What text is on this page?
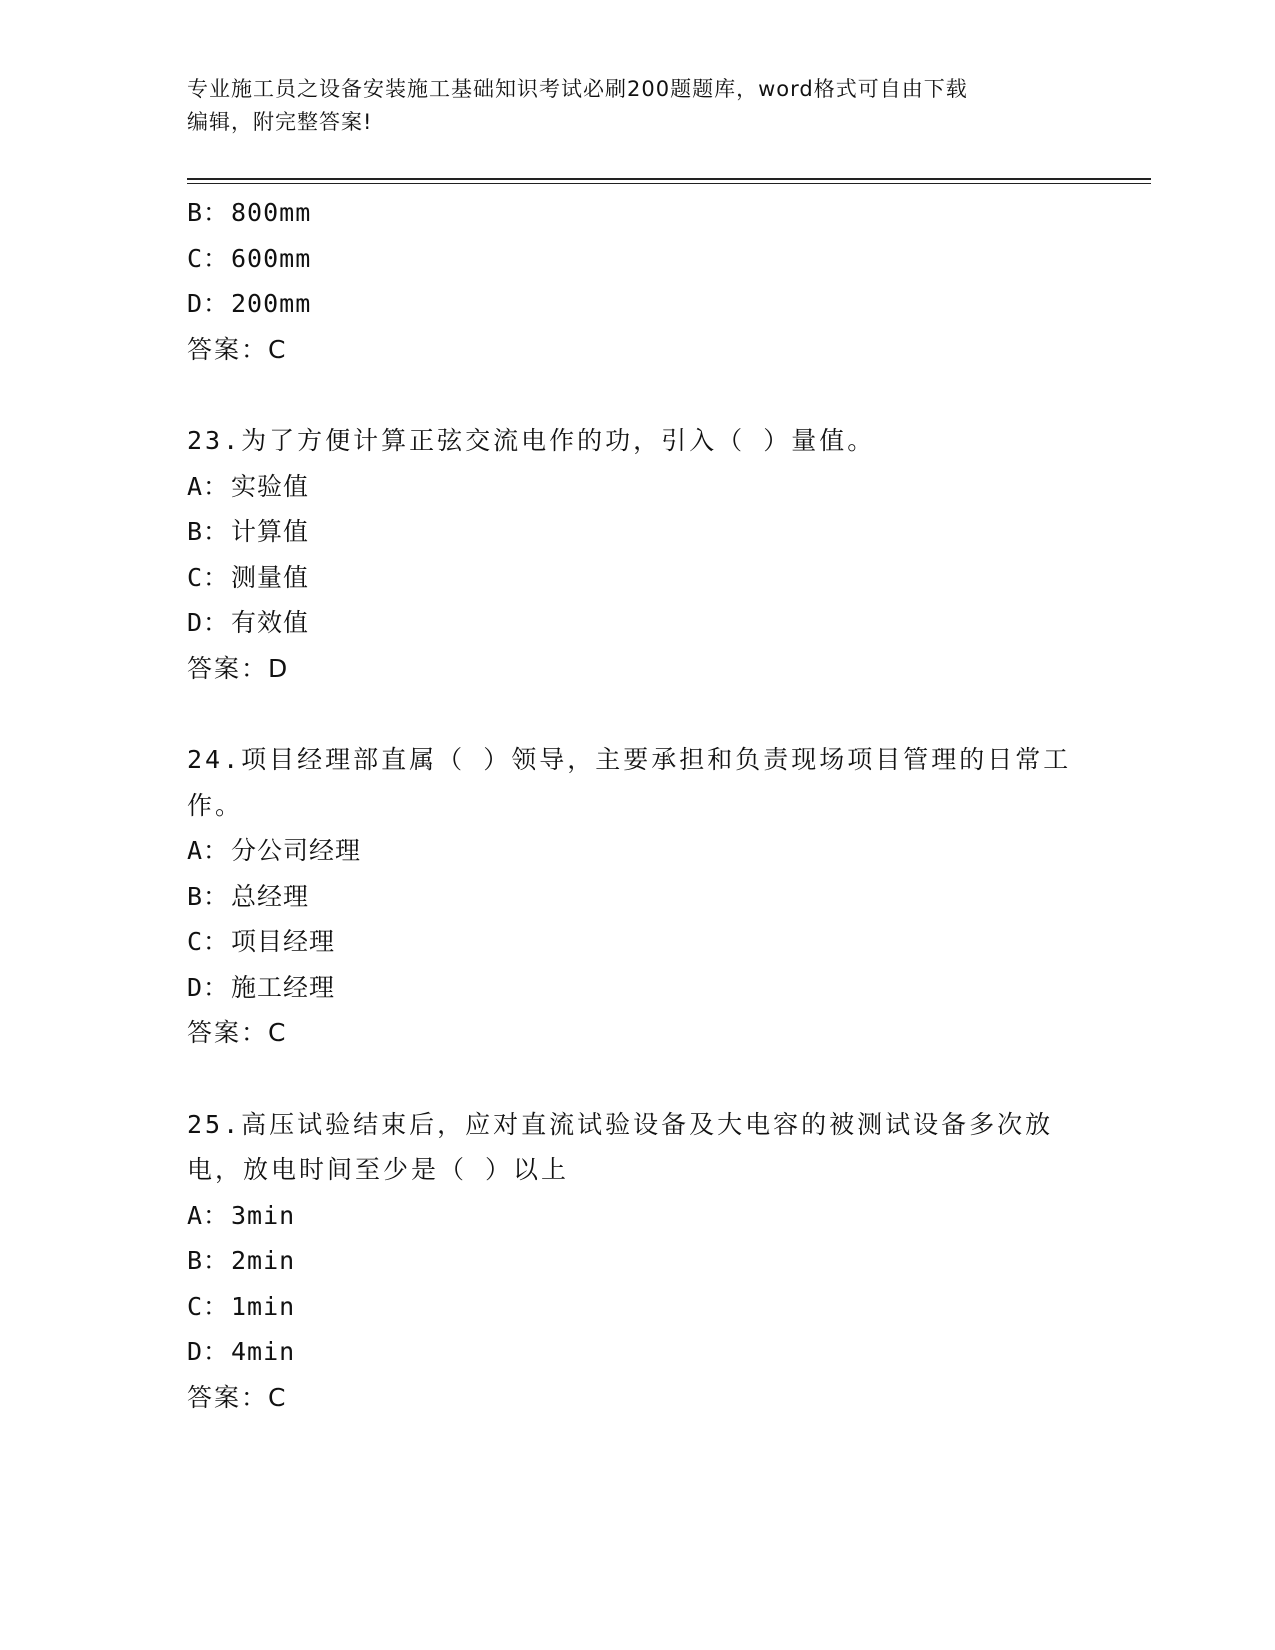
专业施工员之设备安装施工基础知识考试必刷200题题库，word格式可自由下载
编辑，附完整答案!
B：800mm
C：600mm
D：200mm
答案：C
23.为了方便计算正弦交流电作的功，引入（ ）量值。
A：实验值
B：计算值
C：测量值
D：有效值
答案：D
24.项目经理部直属（ ）领导，主要承担和负责现场项目管理的日常工作。
A：分公司经理
B：总经理
C：项目经理
D：施工经理
答案：C
25.高压试验结束后，应对直流试验设备及大电容的被测试设备多次放电，放电时间至少是（ ）以上
A：3min
B：2min
C：1min
D：4min
答案：C
